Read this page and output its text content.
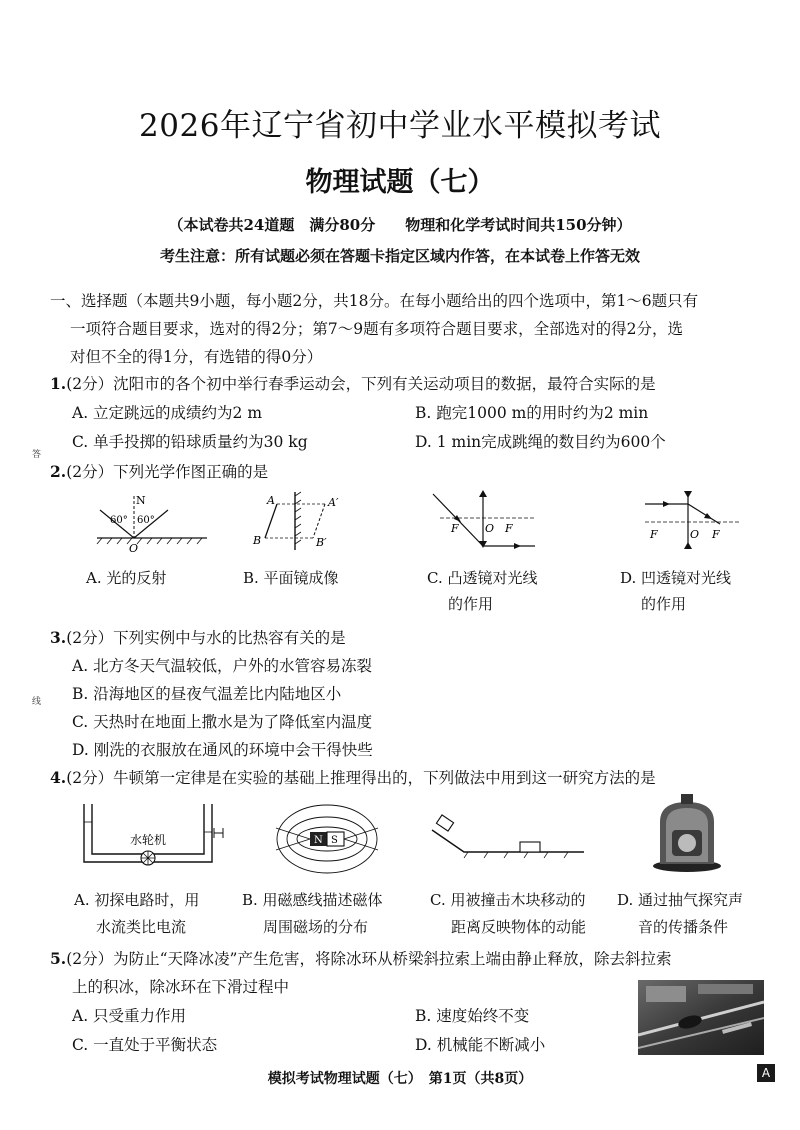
2026年辽宁省初中学业水平模拟考试
物理试题（七）
（本试卷共24道题　满分80分　　物理和化学考试时间共150分钟）
考生注意：所有试题必须在答题卡指定区域内作答，在本试卷上作答无效
答
线
一、选择题（本题共9小题，每小题2分，共18分。在每小题给出的四个选项中，第1～6题只有
一项符合题目要求，选对的得2分；第7～9题有多项符合题目要求，全部选对的得2分，选
对但不全的得1分，有选错的得0分）
1.(2分）沈阳市的各个初中举行春季运动会，下列有关运动项目的数据，最符合实际的是
A. 立定跳远的成绩约为2 m	B. 跑完1000 m的用时约为2 min
C. 单手投掷的铅球质量约为30 kg	D. 1 min完成跳绳的数目约为600个
2.(2分）下列光学作图正确的是
N
60° 60°
O
A	A′
B	B′
F O F	F	O F
A. 光的反射	B. 平面镜成像	C. 凸透镜对光线
的作用
D. 凹透镜对光线
的作用
3.(2分）下列实例中与水的比热容有关的是
A. 北方冬天气温较低，户外的水管容易冻裂
B. 沿海地区的昼夜气温差比内陆地区小
C. 天热时在地面上撒水是为了降低室内温度
D. 刚洗的衣服放在通风的环境中会干得快些
4.(2分）牛顿第一定律是在实验的基础上推理得出的，下列做法中用到这一研究方法的是
水轮机	N S
A. 初探电路时，用
水流类比电流
B. 用磁感线描述磁体
周围磁场的分布
C. 用被撞击木块移动的
距离反映物体的动能
D. 通过抽气探究声
音的传播条件
5.(2分）为防止“天降冰凌”产生危害，将除冰环从桥梁斜拉索上端由静止释放，除去斜拉索
上的积冰，除冰环在下滑过程中
A. 只受重力作用	B. 速度始终不变
C. 一直处于平衡状态	D. 机械能不断减小
模拟考试物理试题（七）　第1页（共8页）	A
